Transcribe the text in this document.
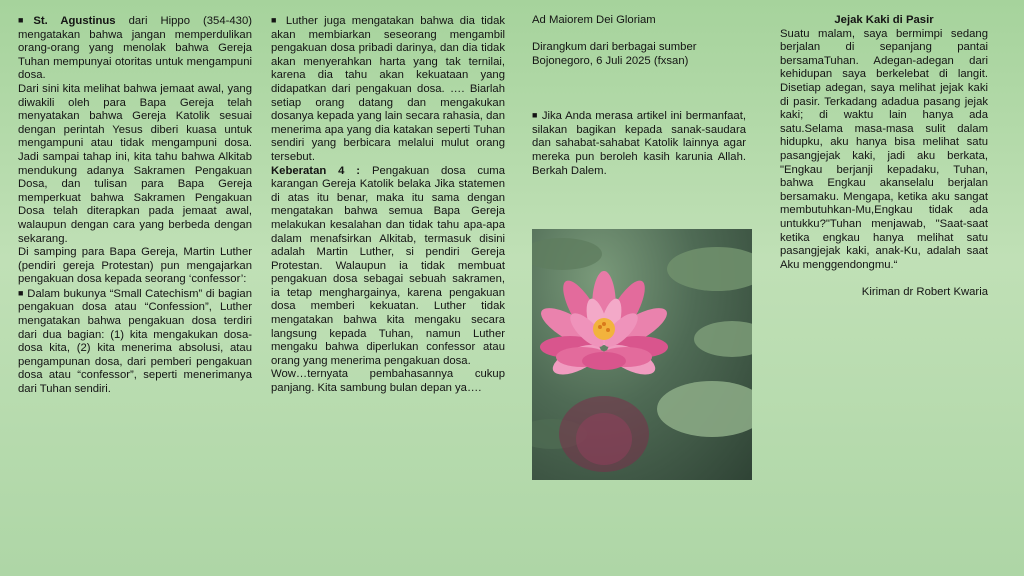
■St. Agustinus dari Hippo (354-430) mengatakan bahwa jangan memperdulikan orang-orang yang menolak bahwa Gereja Tuhan mempunyai otoritas untuk mengampuni dosa.

Dari sini kita melihat bahwa jemaat awal, yang diwakili oleh para Bapa Gereja telah menyatakan bahwa Gereja Katolik sesuai dengan perintah Yesus diberi kuasa untuk mengampuni atau tidak mengampuni dosa. Jadi sampai tahap ini, kita tahu bahwa Alkitab mendukung adanya Sakramen Pengakuan Dosa, dan tulisan para Bapa Gereja memperkuat bahwa Sakramen Pengakuan Dosa telah diterapkan pada jemaat awal, walaupun dengan cara yang berbeda dengan sekarang.

Di samping para Bapa Gereja, Martin Luther (pendiri gereja Protestan) pun mengajarkan pengakuan dosa kepada seorang ‘confessor’:

■ Dalam bukunya “Small Catechism” di bagian pengakuan dosa atau “Confession”, Luther mengatakan bahwa pengakuan dosa terdiri dari dua bagian: (1) kita mengakukan dosa-dosa kita, (2) kita menerima absolusi, atau pengampunan dosa, dari pemberi pengakuan dosa atau “confessor”, seperti menerimanya dari Tuhan sendiri.

■ Luther juga mengatakan bahwa dia tidak akan membiarkan seseorang mengambil pengakuan dosa pribadi darinya, dan dia tidak akan menyerahkan harta yang tak ternilai, karena dia tahu akan kekuataan yang didapatkan dari pengakuan dosa. …. Biarlah setiap orang datang dan mengakukan dosanya kepada yang lain secara rahasia, dan menerima apa yang dia katakan seperti Tuhan sendiri yang berbicara melalui mulut orang tersebut.

Keberatan 4 : Pengakuan dosa cuma karangan Gereja Katolik belaka Jika statemen di atas itu benar, maka itu sama dengan mengatakan bahwa semua Bapa Gereja melakukan kesalahan dan tidak tahu apa-apa dalam menafsirkan Alkitab, termasuk disini adalah Martin Luther, si pendiri Gereja Protestan. Walaupun ia tidak membuat pengakuan dosa sebagai sebuah sakramen, ia tetap menghargainya, karena pengakuan dosa memberi kekuatan. Luther tidak mengatakan bahwa kita mengaku secara langsung kepada Tuhan, namun Luther mengaku bahwa diperlukan confessor atau orang yang menerima pengakuan dosa.

Wow…ternyata pembahasannya cukup panjang. Kita sambung bulan depan ya….

Ad Maiorem Dei Gloriam

Dirangkum dari berbagai sumber

Bojonegoro, 6 Juli 2025 (fxsan)

■ Jika Anda merasa artikel ini bermanfaat, silakan bagikan kepada sanak-saudara dan sahabat-sahabat Katolik lainnya agar mereka pun beroleh kasih karunia Allah. Berkah Dalem.

Jejak Kaki di Pasir

Suatu malam, saya bermimpi sedang berjalan di sepanjang pantai bersamaTuhan. Adegan-adegan dari kehidupan saya berkelebat di langit. Disetiap adegan, saya melihat jejak kaki di pasir. Terkadang adadua pasang jejak kaki; di waktu lain hanya ada satu.Selama masa-masa sulit dalam hidupku, aku hanya bisa melihat satu pasangjejak kaki, jadi aku berkata, "Engkau berjanji kepadaku, Tuhan, bahwa Engkau akanselalu berjalan bersamaku. Mengapa, ketika aku sangat membutuhkan-Mu,Engkau tidak ada untukku?"Tuhan menjawab, "Saat-saat ketika engkau hanya melihat satu pasangjejak kaki, anak-Ku, adalah saat Aku menggendongmu.“

Kiriman dr Robert Kwaria
